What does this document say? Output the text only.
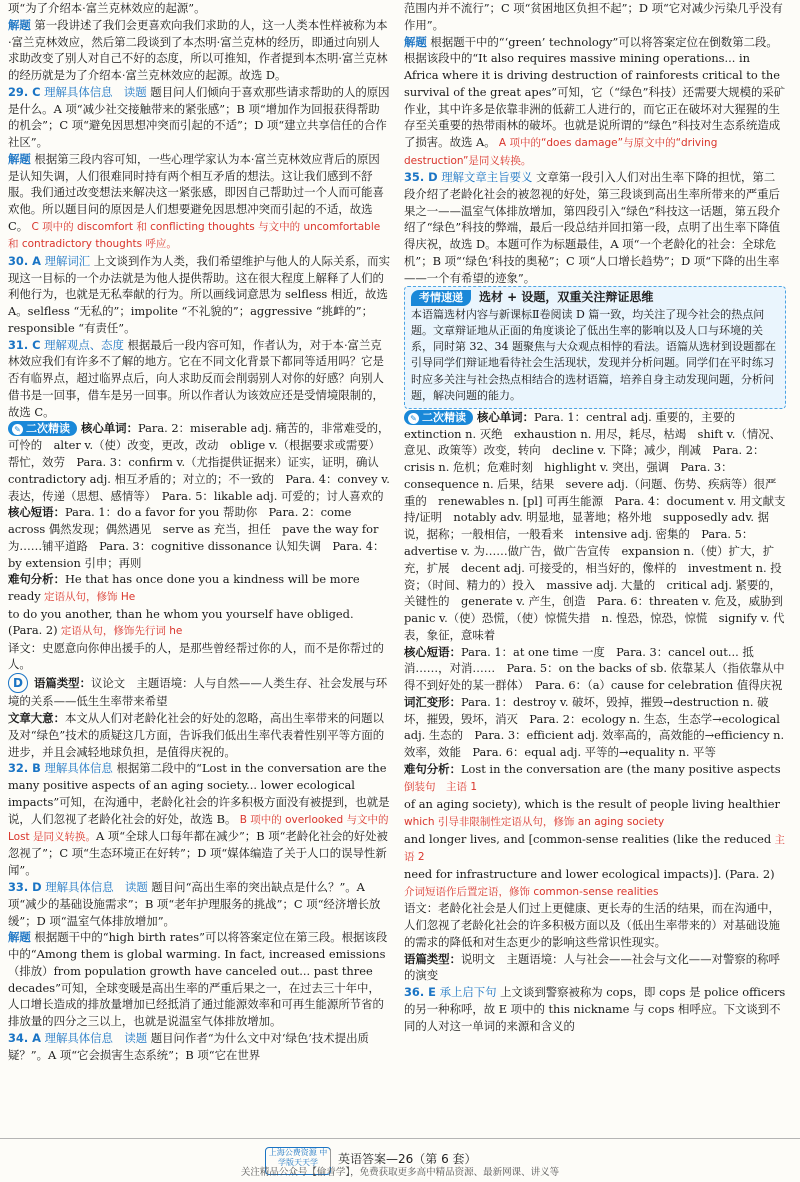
项“为了介绍本·富兰克林效应的起源”。

解题 第一段讲述了我们会更喜欢向我们求助的人，这一人类本性样被称为本·富兰克林效应，然后第二段谈到了本杰明·富兰克林的经历，即通过向别人求助改变了别人对自己不好的态度，所以可推知，作者提到本杰明·富兰克林的经历就是为了介绍本·富兰克林效应的起源。故选 D。

29. C 理解具体信息　读题 题目问人们倾向于喜欢那些请求帮助的人的原因是什么。A 项“减少社交接触带来的紧张感”；B 项“增加作为回报获得帮助的机会”；C 项“避免因思想冲突而引起的不适”；D 项“建立共享信任的合作社区”。

解题 根据第三段内容可知，一些心理学家认为本·富兰克林效应背后的原因是认知失调，人们很难同时持有两个相互矛盾的想法。这让我们感到不舒服。我们通过改变想法来解决这一紧张感，即因自己帮助过一个人而可能喜欢他。所以题目问的原因是人们想要避免因思想冲突而引起的不适，故选 C。 C 项中的 discomfort 和 conflicting thoughts 与文中的 uncomfortable 和 contradictory thoughts 呼应。

30. A 理解词汇 上文谈到作为人类，我们希望维护与他人的人际关系，而实现这一目标的一个办法就是为他人提供帮助。这在很大程度上解释了人们的利他行为，也就是无私奉献的行为。所以画线词意思为 selfless 相近，故选 A。selfless “无私的”；impolite “不礼貌的”；aggressive “挑衅的”；responsible “有责任”。

31. C 理解观点、态度 根据最后一段内容可知，作者认为，对于本·富兰克林效应我们有许多不了解的地方。它在不同文化背景下都同等适用吗？它是否有临界点，超过临界点后，向人求助反而会削弱别人对你的好感？向别人借书是一回事，借车是另一回事。所以作者认为该效应还是受情境限制的，故选 C。

✎ 二次精读 核心单词：Para. 2：miserable adj. 痛苦的，非常难受的，可怜的　alter v.（使）改变，更改，改动　oblige v.（根据要求或需要）帮忙，效劳　Para. 3：confirm v.（尤指提供证据来）证实，证明，确认　contradictory adj. 相互矛盾的；对立的；不一致的　Para. 4：convey v. 表达，传递（思想、感情等）　Para. 5：likable adj. 可爱的；讨人喜欢的

核心短语：Para. 1：do a favor for you 帮助你　Para. 2：come across 偶然发现；偶然遇见　serve as 充当，担任　pave the way for 为……铺平道路　Para. 3：cognitive dissonance 认知失调　Para. 4：by extension 引申；再则

难句分析：He that has once done you a kindness will be more ready 定语从句，修饰 He

to do you another, than he whom you yourself have obliged. (Para. 2) 定语从句，修饰先行词 he

译文：史愿意向你伸出援手的人，是那些曾经帮过你的人，而不是你帮过的人。

D 语篇类型：议论文　主题语境：人与自然——人类生存、社会发展与环境的关系——低生生率带来希望

文章大意：本文从人们对老龄化社会的好处的忽略，高出生率带来的问题以及对“绿色”技术的质疑这几方面，告诉我们低出生率代表着性别平等方面的进步，并且会减轻地球负担，是值得庆祝的。

32. B 理解具体信息 根据第二段中的“Lost in the conversation are the many positive aspects of an aging society... lower ecological impacts”可知，在沟通中，老龄化社会的许多积极方面没有被提到，也就是说，人们忽视了老龄化社会的好处，故选 B。 B 项中的 overlooked 与文中的 Lost 是同义转换。A 项“全球人口每年都在减少”；B 项“老龄化社会的好处被忽视了”；C 项“生态环境正在好转”；D 项“媒体编造了关于人口的误导性新闻”。

33. D 理解具体信息　读题 题目问“高出生率的突出缺点是什么？”。A 项“减少的基础设施需求”；B 项“老年护理服务的挑战”；C 项“经济增长放缓”；D 项“温室气体排放增加”。

解题 根据题干中的“high birth rates”可以将答案定位在第三段。根据该段中的“Among them is global warming. In fact, increased emissions（排放）from population growth have canceled out... past three decades”可知，全球变暖是高出生率的严重后果之一，在过去三十年中，人口增长造成的排放量增加已经抵消了通过能源效率和可再生能源所节省的排放量的四分之三以上，也就是说温室气体排放增加。

34. A 理解具体信息　读题 题目问作者“为什么文中对‘绿色’技术提出质疑？”。A 项“它会损害生态系统”；B 项“它在世界

范围内并不流行”；C 项“贫困地区负担不起”；D 项“它对减少污染几乎没有作用”。

解题 根据题干中的“‘green’ technology”可以将答案定位在倒数第二段。根据该段中的“It also requires massive mining operations... in Africa where it is driving destruction of rainforests critical to the survival of the great apes”可知，它（“绿色”科技）还需要大规模的采矿作业，其中许多是依靠非洲的低薪工人进行的，而它正在破坏对大猩猩的生存至关重要的热带雨林的破坏。也就是说所谓的“绿色”科技对生态系统造成了损害。故选 A。 A 项中的“does damage”与原文中的“driving destruction”是同义转换。

35. D 理解文章主旨要义 文章第一段引入人们对出生率下降的担忧，第二段介绍了老龄化社会的被忽视的好处，第三段谈到高出生率所带来的严重后果之一——温室气体排放增加，第四段引入“绿色”科技这一话题，第五段介绍了“绿色”科技的弊端，最后一段总结并回扣第一段，点明了出生率下降值得庆祝，故选 D。本题可作为标题最佳，A 项“一个老龄化的社会：全球危机”；B 项“‘绿色’科技的奥秘”；C 项“人口增长趋势”；D 项“下降的出生率——一个有希望的迹象”。

考情速递 选材 + 设题，双重关注辩证思维
本语篇选材内容与新课标Ⅱ卷阅读 D 篇一致，均关注了现今社会的热点问题。文章辩证地从正面的角度谈论了低出生率的影响以及人口与环境的关系，同时第 32、34 题聚焦与大众观点相悖的看法。语篇从选材到设题都在引导同学们辩证地看待社会生活现状，发现并分析问题。同学们在平时练习时应多关注与社会热点相结合的选材语篇，培养自身主动发现问题，分析问题，解决问题的能力。

✎ 二次精读 核心单词：Para. 1：central adj. 重要的，主要的　extinction n. 灭绝　exhaustion n. 用尽，耗尽，枯竭　shift v.（情况、意见、政策等）改变，转向　decline v. 下降；减少，削减　Para. 2：crisis n. 危机；危难时刻　highlight v. 突出，强调　Para. 3：consequence n. 后果，结果　severe adj.（问题、伤势、疾病等）很严重的　renewables n. [pl] 可再生能源　Para. 4：document v. 用文献支持/证明　notably adv. 明显地，显著地；格外地　supposedly adv. 据说，据称；一般相信，一般看来　intensive adj. 密集的　Para. 5：advertise v. 为……做广告，做广告宣传　expansion n.（使）扩大，扩充，扩展　decent adj. 可接受的，相当好的，像样的　investment n. 投资；（时间、精力的）投入　massive adj. 大量的　critical adj. 紧要的，关键性的　generate v. 产生，创造　Para. 6：threaten v. 危及，威胁到　panic v.（使）恐慌，（使）惊慌失措　n. 惶恐，惊恐，惊慌　signify v. 代表，象征，意味着

核心短语：Para. 1：at one time 一度　Para. 3：cancel out... 抵消……，对消……　Para. 5：on the backs of sb. 依靠某人（指依靠从中得不到好处的某一群体）　Para. 6：（a）cause for celebration 值得庆祝

词汇变形：Para. 1：destroy v. 破坏，毁掉，摧毁→destruction n. 破坏，摧毁，毁坏，消灭　Para. 2：ecology n. 生态，生态学→ecological adj. 生态的　Para. 3：efficient adj. 效率高的，高效能的→efficiency n. 效率，效能　Para. 6：equal adj. 平等的→equality n. 平等

难句分析：Lost in the conversation are (the many positive aspects 倒装句　主语 1

of an aging society), which is the result of people living healthier which 引导非限制性定语从句，修饰 an aging society

and longer lives, and [common-sense realities (like the reduced 主语 2

need for infrastructure and lower ecological impacts)]. (Para. 2) 介词短语作后置定语，修饰 common-sense realities

语文：老龄化社会是人们过上更健康、更长寿的生活的结果，而在沟通中，人们忽视了老龄化社会的许多积极方面以及（低出生率带来的）对基础设施的需求的降低和对生态更少的影响这些常识性现实。

语篇类型：说明文　主题语境：人与社会——社会与文化——对警察的称呼的演变

36. E 承上启下句 上文谈到警察被称为 cops，即 cops 是 police officers 的另一种称呼，故 E 项中的 this nickname 与 cops 相呼应。下文谈到不同的人对这一单词的来源和含义的

上海公费资源 中学版天天学	英语答案—26（第 6 套）
关注精品公众号【偷着学】，免费获取更多高中精品资源、最新网课、讲义等
